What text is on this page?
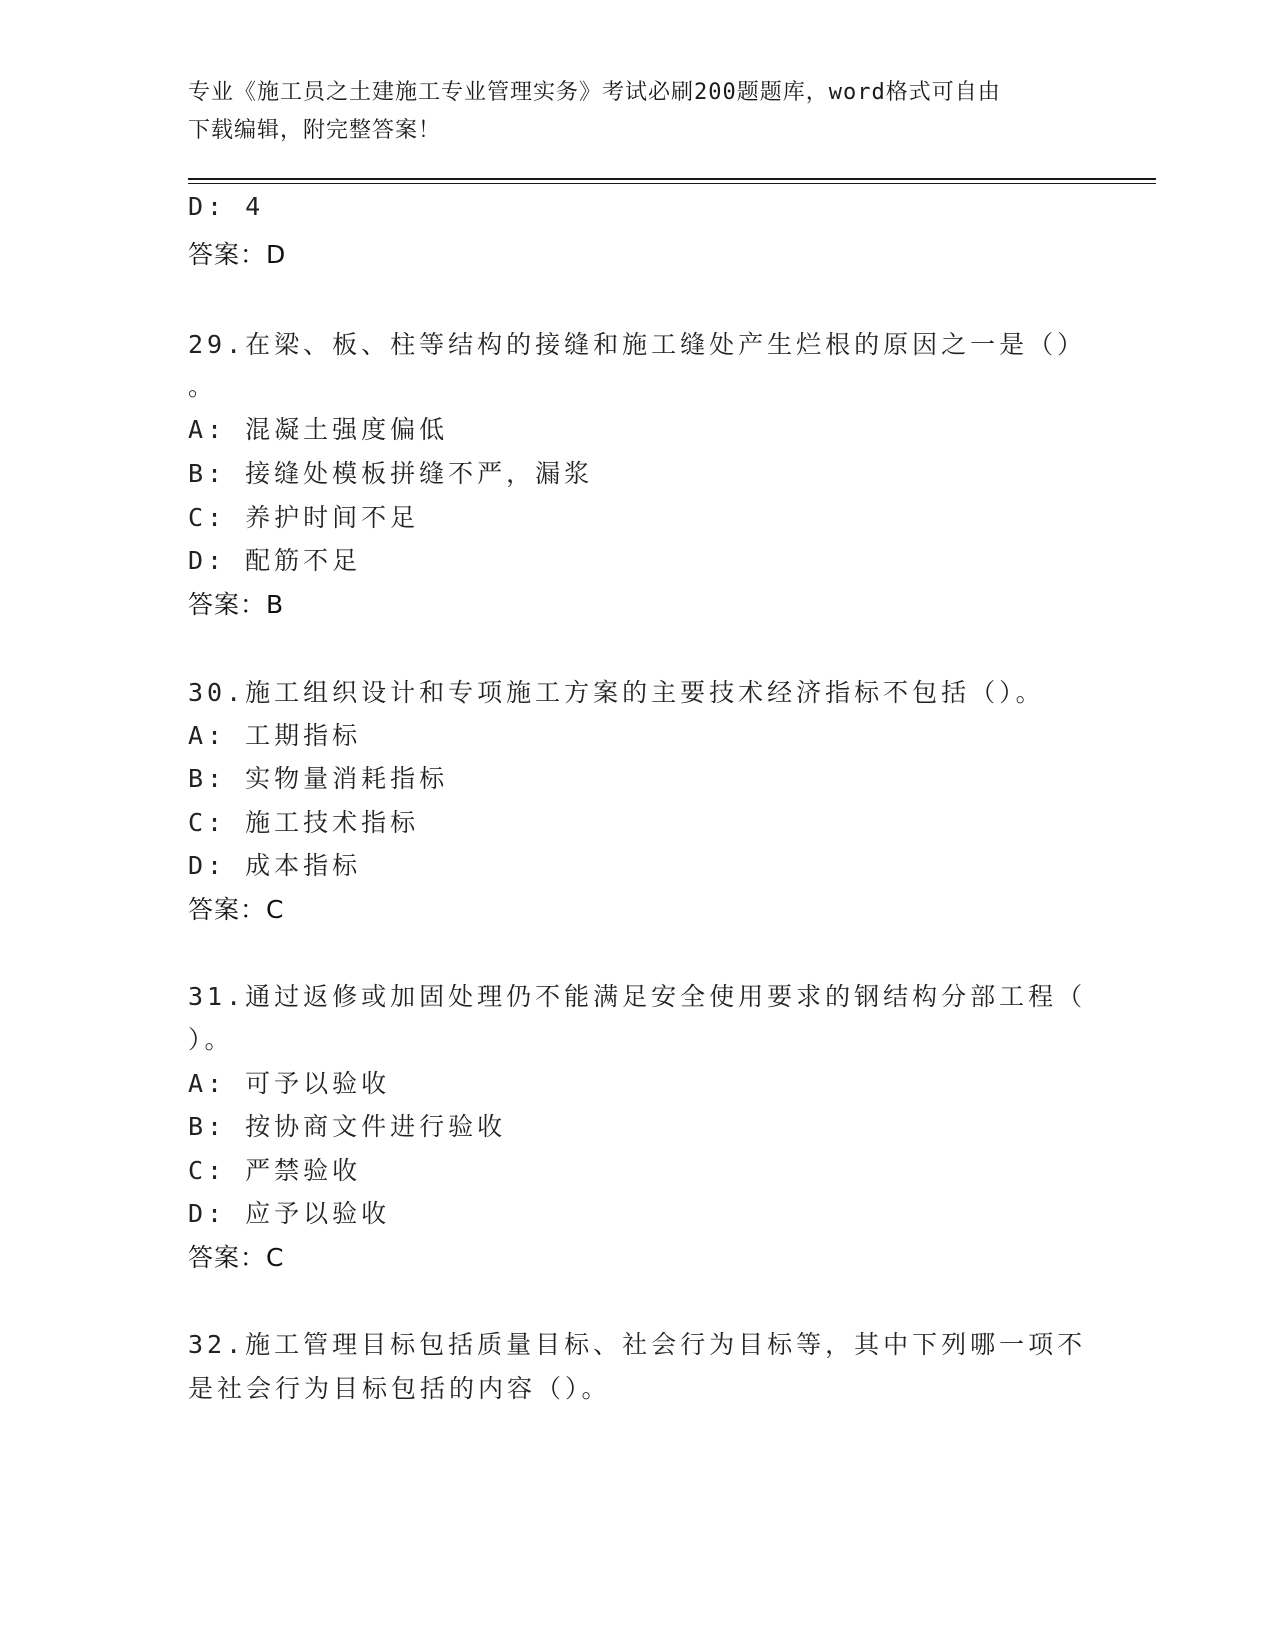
专业《施工员之土建施工专业管理实务》考试必刷200题题库，word格式可自由
下载编辑，附完整答案！
D: 4
答案：D
29.在梁、板、柱等结构的接缝和施工缝处产生烂根的原因之一是（）
。
A: 混凝土强度偏低
B: 接缝处模板拼缝不严，漏浆
C: 养护时间不足
D: 配筋不足
答案：B
30.施工组织设计和专项施工方案的主要技术经济指标不包括（）。
A: 工期指标
B: 实物量消耗指标
C: 施工技术指标
D: 成本指标
答案：C
31.通过返修或加固处理仍不能满足安全使用要求的钢结构分部工程（
）。
A: 可予以验收
B: 按协商文件进行验收
C: 严禁验收
D: 应予以验收
答案：C
32.施工管理目标包括质量目标、社会行为目标等，其中下列哪一项不
是社会行为目标包括的内容（）。
